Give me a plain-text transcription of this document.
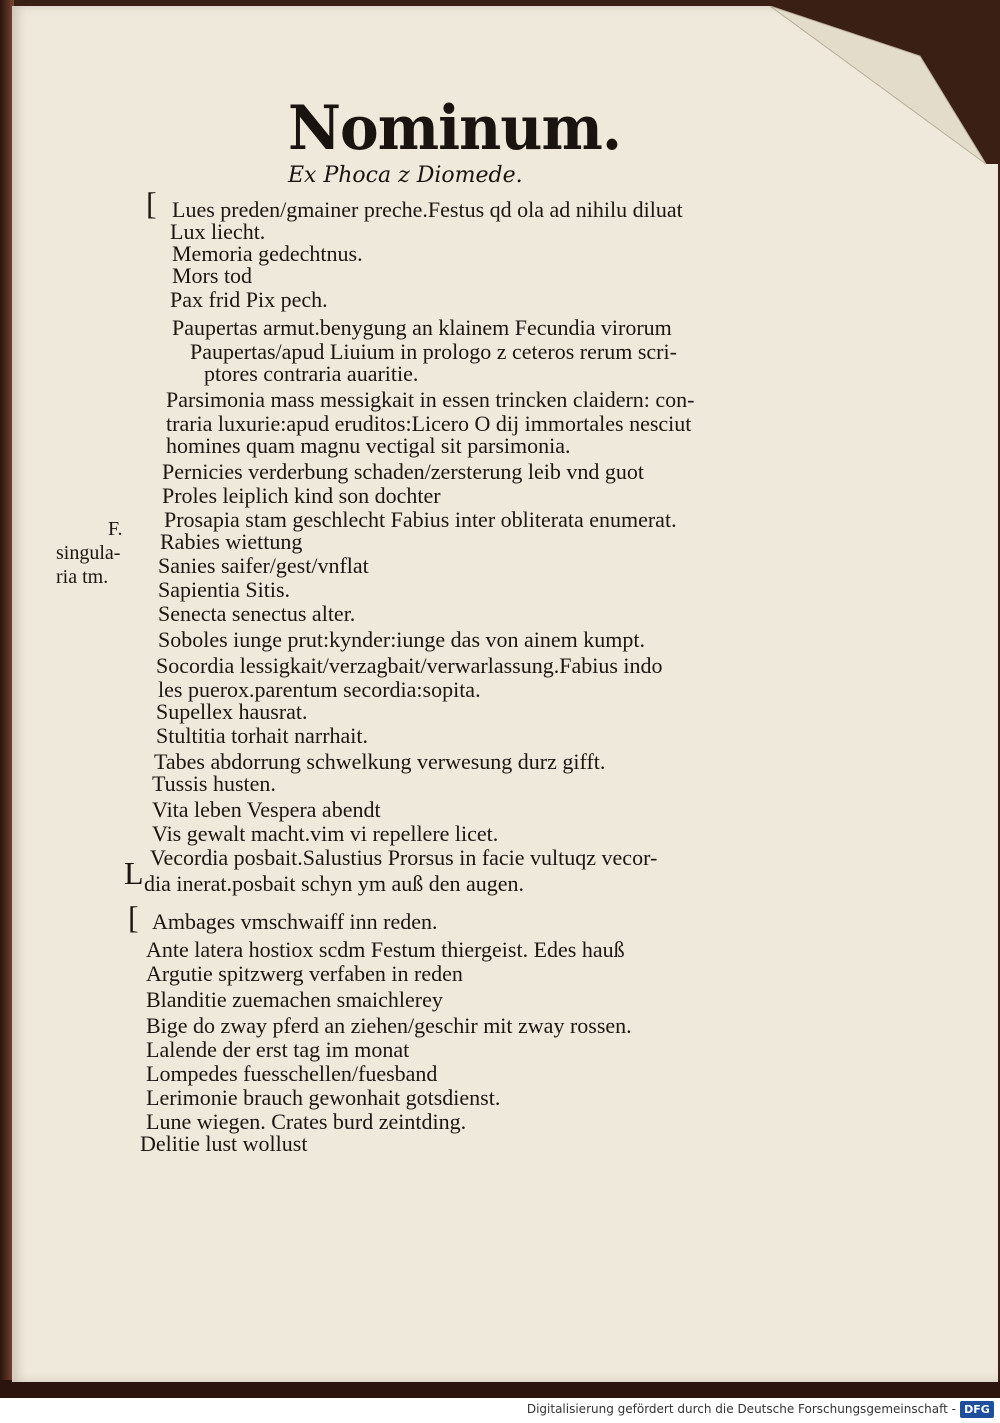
Nominum.
Ex Phoca z Diomede.
[
L
[
F.
singula-
ria tm.
Lues preden/gmainer preche.Festus qd ola ad nihilu diluat
Lux liecht.
Memoria gedechtnus.
Mors tod
Pax frid Pix pech.
Paupertas armut.benygung an klainem Fecundia virorum
Paupertas/apud Liuium in prologo z ceteros rerum scri-
ptores contraria auaritie.
Parsimonia mass messigkait in essen trincken claidern: con-
traria luxurie:apud eruditos:Licero O dij immortales nesciut
homines quam magnu vectigal sit parsimonia.
Pernicies verderbung schaden/zersterung leib vnd guot
Proles leiplich kind son dochter
Prosapia stam geschlecht Fabius inter obliterata enumerat.
Rabies wiettung
Sanies saifer/gest/vnflat
Sapientia Sitis.
Senecta senectus alter.
Soboles iunge prut:kynder:iunge das von ainem kumpt.
Socordia lessigkait/verzagbait/verwarlassung.Fabius indo
les puerox.parentum secordia:sopita.
Supellex hausrat.
Stultitia torhait narrhait.
Tabes abdorrung schwelkung verwesung durz gifft.
Tussis husten.
Vita leben Vespera abendt
Vis gewalt macht.vim vi repellere licet.
Vecordia posbait.Salustius Prorsus in facie vultuqz vecor-
dia inerat.posbait schyn ym auß den augen.
Ambages vmschwaiff inn reden.
Ante latera hostiox scdm Festum thiergeist. Edes hauß
Argutie spitzwerg verfaben in reden
Blanditie zuemachen smaichlerey
Bige do zway pferd an ziehen/geschir mit zway rossen.
Lalende der erst tag im monat
Lompedes fuesschellen/fuesband
Lerimonie brauch gewonhait gotsdienst.
Lune wiegen. Crates burd zeintding.
Delitie lust wollust
Digitalisierung gefördert durch die Deutsche Forschungsgemeinschaft - DFG
